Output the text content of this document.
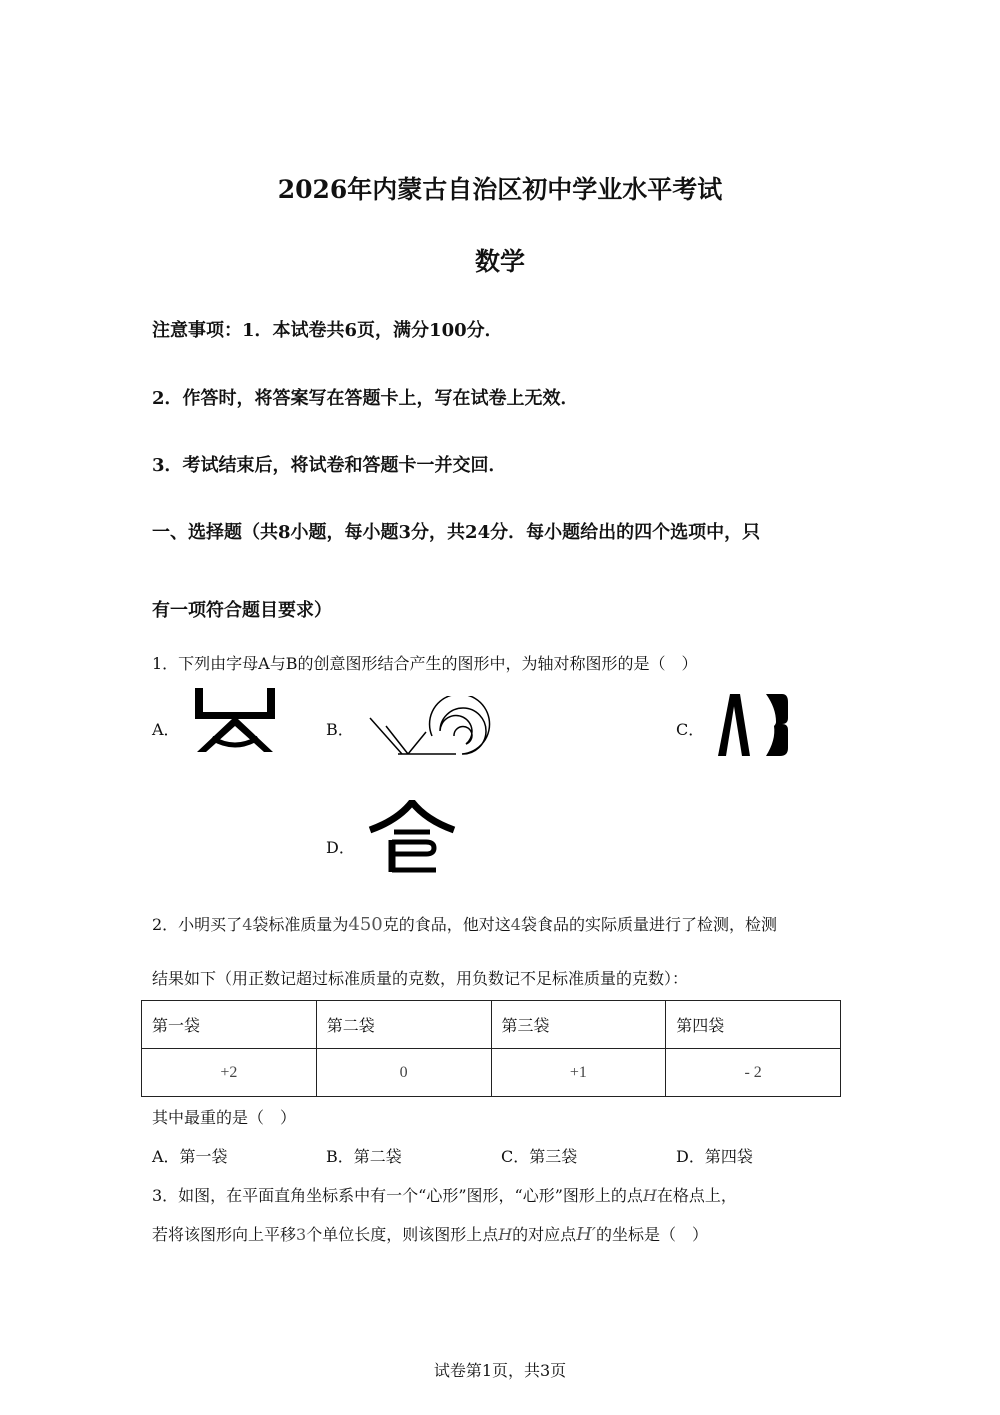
2026年内蒙古自治区初中学业水平考试
数学
注意事项：1．本试卷共6页，满分100分．
2．作答时，将答案写在答题卡上，写在试卷上无效．
3．考试结束后，将试卷和答题卡一并交回．
一、选择题（共8小题，每小题3分，共24分．每小题给出的四个选项中，只
有一项符合题目要求）
1．下列由字母A与B的创意图形结合产生的图形中，为轴对称图形的是（　）
A．	B．	C．
D．
2．小明买了4袋标准质量为450克的食品，他对这4袋食品的实际质量进行了检测，检测
结果如下（用正数记超过标准质量的克数，用负数记不足标准质量的克数）：
第一袋	第二袋	第三袋	第四袋
+2	0	+1	- 2
其中最重的是（　）
A．第一袋	B．第二袋	C．第三袋	D．第四袋
3．如图，在平面直角坐标系中有一个“心形”图形，“心形”图形上的点H在格点上，
若将该图形向上平移3个单位长度，则该图形上点H的对应点H′的坐标是（　）
试卷第1页，共3页
